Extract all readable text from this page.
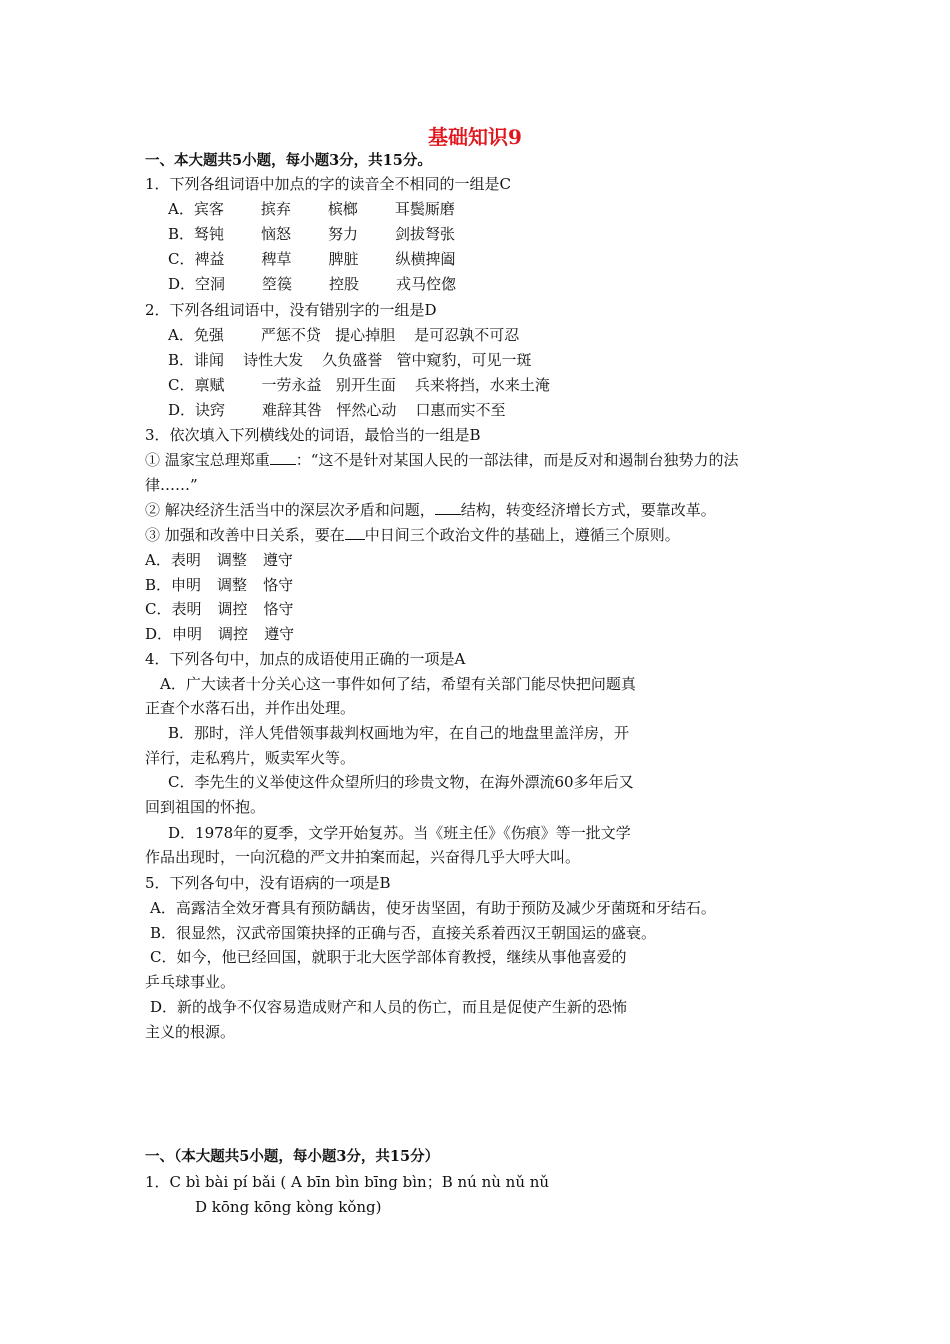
基础知识9
一、本大题共5小题，每小题3分，共15分。
1．下列各组词语中加点的字的读音全不相同的一组是C
A．宾客 摈弃 槟榔 耳鬓厮磨
B．驽钝 恼怒 努力 剑拔弩张
C．裨益 稗草 脾脏 纵横捭阖
D．空洞 箜篌 控股 戎马倥偬
2．下列各组词语中，没有错别字的一组是D
A．免强 严惩不贷 提心掉胆 是可忍孰不可忍
B．诽闻 诗性大发 久负盛誉 管中窥豹，可见一斑
C．禀赋 一劳永益 别开生面 兵来将挡，水来土淹
D．诀窍 难辞其咎 怦然心动 口惠而实不至
3．依次填入下列横线处的词语，最恰当的一组是B
① 温家宝总理郑重 ：“这不是针对某国人民的一部法律，而是反对和遏制台独势力的法
律……”
② 解决经济生活当中的深层次矛盾和问题， 结构，转变经济增长方式，要靠改革。
③ 加强和改善中日关系，要在 中日间三个政治文件的基础上，遵循三个原则。
A．表明 调整 遵守
B．申明 调整 恪守
C．表明 调控 恪守
D．申明 调控 遵守
4．下列各句中，加点的成语使用正确的一项是A
A．广大读者十分关心这一事件如何了结，希望有关部门能尽快把问题真
正查个水落石出，并作出处理。
B．那时，洋人凭借领事裁判权画地为牢，在自己的地盘里盖洋房，开
洋行，走私鸦片，贩卖军火等。
C．李先生的义举使这件众望所归的珍贵文物，在海外漂流60多年后又
回到祖国的怀抱。
D．1978年的夏季，文学开始复苏。当《班主任》《伤痕》等一批文学
作品出现时，一向沉稳的严文井拍案而起，兴奋得几乎大呼大叫。
5．下列各句中，没有语病的一项是B
A．高露洁全效牙膏具有预防龋齿，使牙齿坚固，有助于预防及减少牙菌斑和牙结石。
B．很显然，汉武帝国策抉择的正确与否，直接关系着西汉王朝国运的盛衰。
C．如今，他已经回国，就职于北大医学部体育教授，继续从事他喜爱的
乒乓球事业。
D．新的战争不仅容易造成财产和人员的伤亡，而且是促使产生新的恐怖
主义的根源。
一、（本大题共5小题，每小题3分，共15分）
1．C bì bài pí bǎi ( A bīn bìn bīng bìn；B nú nù nǔ nǔ
D kōng kōng kòng kǒng)
